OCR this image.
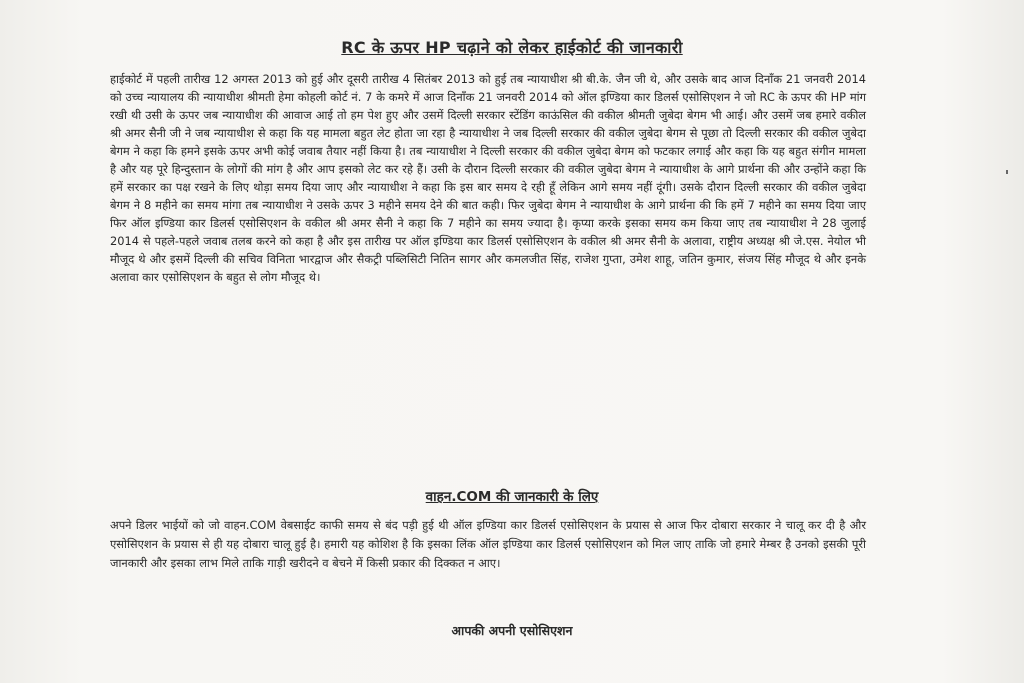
RC के ऊपर HP चढ़ाने को लेकर हाईकोर्ट की जानकारी
हाईकोर्ट में पहली तारीख 12 अगस्त 2013 को हुई और दूसरी तारीख 4 सितंबर 2013 को हुई तब न्यायाधीश श्री बी.के. जैन जी थे, और उसके बाद आज दिनाँक 21 जनवरी 2014 को उच्च न्यायालय की न्यायाधीश श्रीमती हेमा कोहली कोर्ट नं. 7 के कमरे में आज दिनाँक 21 जनवरी 2014 को ऑल इण्डिया कार डिलर्स एसोसिएशन ने जो RC के ऊपर की HP मांग रखी थी उसी के ऊपर जब न्यायाधीश की आवाज आई तो हम पेश हुए और उसमें दिल्ली सरकार स्टेंडिंग काऊंसिल की वकील श्रीमती जुबेदा बेगम भी आई। और उसमें जब हमारे वकील श्री अमर सैनी जी ने जब न्यायाधीश से कहा कि यह मामला बहुत लेट होता जा रहा है न्यायाधीश ने जब दिल्ली सरकार की वकील जुबेदा बेगम से पूछा तो दिल्ली सरकार की वकील जुबेदा बेगम ने कहा कि हमने इसके ऊपर अभी कोई जवाब तैयार नहीं किया है। तब न्यायाधीश ने दिल्ली सरकार की वकील जुबेदा बेगम को फटकार लगाई और कहा कि यह बहुत संगीन मामला है और यह पूरे हिन्दुस्तान के लोगों की मांग है और आप इसको लेट कर रहे हैं। उसी के दौरान दिल्ली सरकार की वकील जुबेदा बेगम ने न्यायाधीश के आगे प्रार्थना की और उन्होंने कहा कि हमें सरकार का पक्ष रखने के लिए थोड़ा समय दिया जाए और न्यायाधीश ने कहा कि इस बार समय दे रही हूँ लेकिन आगे समय नहीं दूंगी। उसके दौरान दिल्ली सरकार की वकील जुबेदा बेगम ने 8 महीने का समय मांगा तब न्यायाधीश ने उसके ऊपर 3 महीने समय देने की बात कही। फिर जुबेदा बेगम ने न्यायाधीश के आगे प्रार्थना की कि हमें 7 महीने का समय दिया जाए फिर ऑल इण्डिया कार डिलर्स एसोसिएशन के वकील श्री अमर सैनी ने कहा कि 7 महीने का समय ज्यादा है। कृप्या करके इसका समय कम किया जाए तब न्यायाधीश ने 28 जुलाई 2014 से पहले-पहले जवाब तलब करने को कहा है और इस तारीख पर ऑल इण्डिया कार डिलर्स एसोसिएशन के वकील श्री अमर सैनी के अलावा, राष्ट्रीय अध्यक्ष श्री जे.एस. नेयोल भी मौजूद थे और इसमें दिल्ली की सचिव विनिता भारद्वाज और सैकट्री पब्लिसिटी नितिन सागर और कमलजीत सिंह, राजेश गुप्ता, उमेश शाहू, जतिन कुमार, संजय सिंह मौजूद थे और इनके अलावा कार एसोसिएशन के बहुत से लोग मौजूद थे।
वाहन.COM की जानकारी के लिए
अपने डिलर भाईयों को जो वाहन.COM वेबसाईट काफी समय से बंद पड़ी हुई थी ऑल इण्डिया कार डिलर्स एसोसिएशन के प्रयास से आज फिर दोबारा सरकार ने चालू कर दी है और एसोसिएशन के प्रयास से ही यह दोबारा चालू हुई है। हमारी यह कोशिश है कि इसका लिंक ऑल इण्डिया कार डिलर्स एसोसिएशन को मिल जाए ताकि जो हमारे मेम्बर है उनको इसकी पूरी जानकारी और इसका लाभ मिले ताकि गाड़ी खरीदने व बेचने में किसी प्रकार की दिक्कत न आए।
आपकी अपनी एसोसिएशन
